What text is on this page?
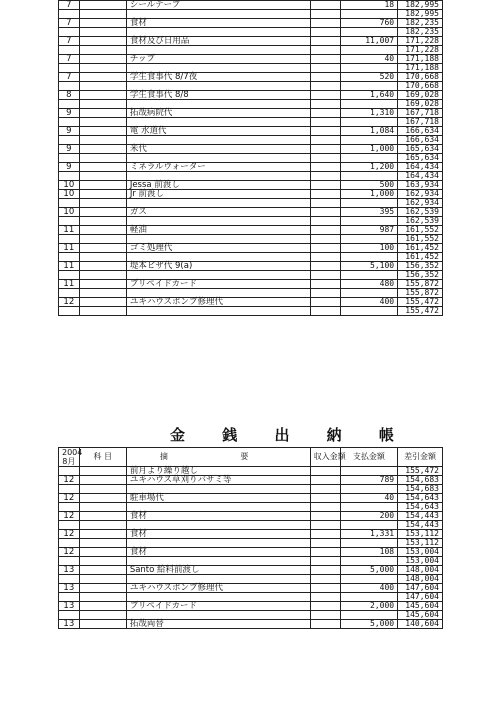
7		シールテープ		18	182,995
					182,995
7		食材		760	182,235
					182,235
7		食材及び日用品		11,007	171,228
					171,228
7		チップ		40	171,188
					171,188
7		学生食事代 8/7夜		520	170,668
					170,668
8		学生食事代 8/8		1,640	169,028
					169,028
9		拓哉病院代		1,310	167,718
					167,718
9		電 水道代		1,084	166,634
					166,634
9		米代		1,000	165,634
					165,634
9		ミネラルウォーター		1,200	164,434
					164,434
10		Jessa 前渡し		500	163,934
10		Jr 前渡し		1,000	162,934
					162,934
10		ガス		395	162,539
					162,539
11		軽油		987	161,552
					161,552
11		ゴミ処理代		100	161,452
					161,452
11		堤本ビザ代 9(a)		5,100	156,352
					156,352
11		プリペイドカード		480	155,872
					155,872
12		ユキハウスポンプ修理代		400	155,472
					155,472
金 銭 出 納 帳
2004
8月	科 目	摘 要	収入金額	支払金額	差引金額
		前月より繰り越し			155,472
12		ユキハウス草刈りバサミ等		789	154,683
					154,683
12		駐車場代		40	154,643
					154,643
12		食材		200	154,443
					154,443
12		食材		1,331	153,112
					153,112
12		食材		108	153,004
					153,004
13		Santo 給料前渡し		5,000	148,004
					148,004
13		ユキハウスポンプ修理代		400	147,604
					147,604
13		プリペイドカード		2,000	145,604
					145,604
13		拓哉両替		5,000	140,604
